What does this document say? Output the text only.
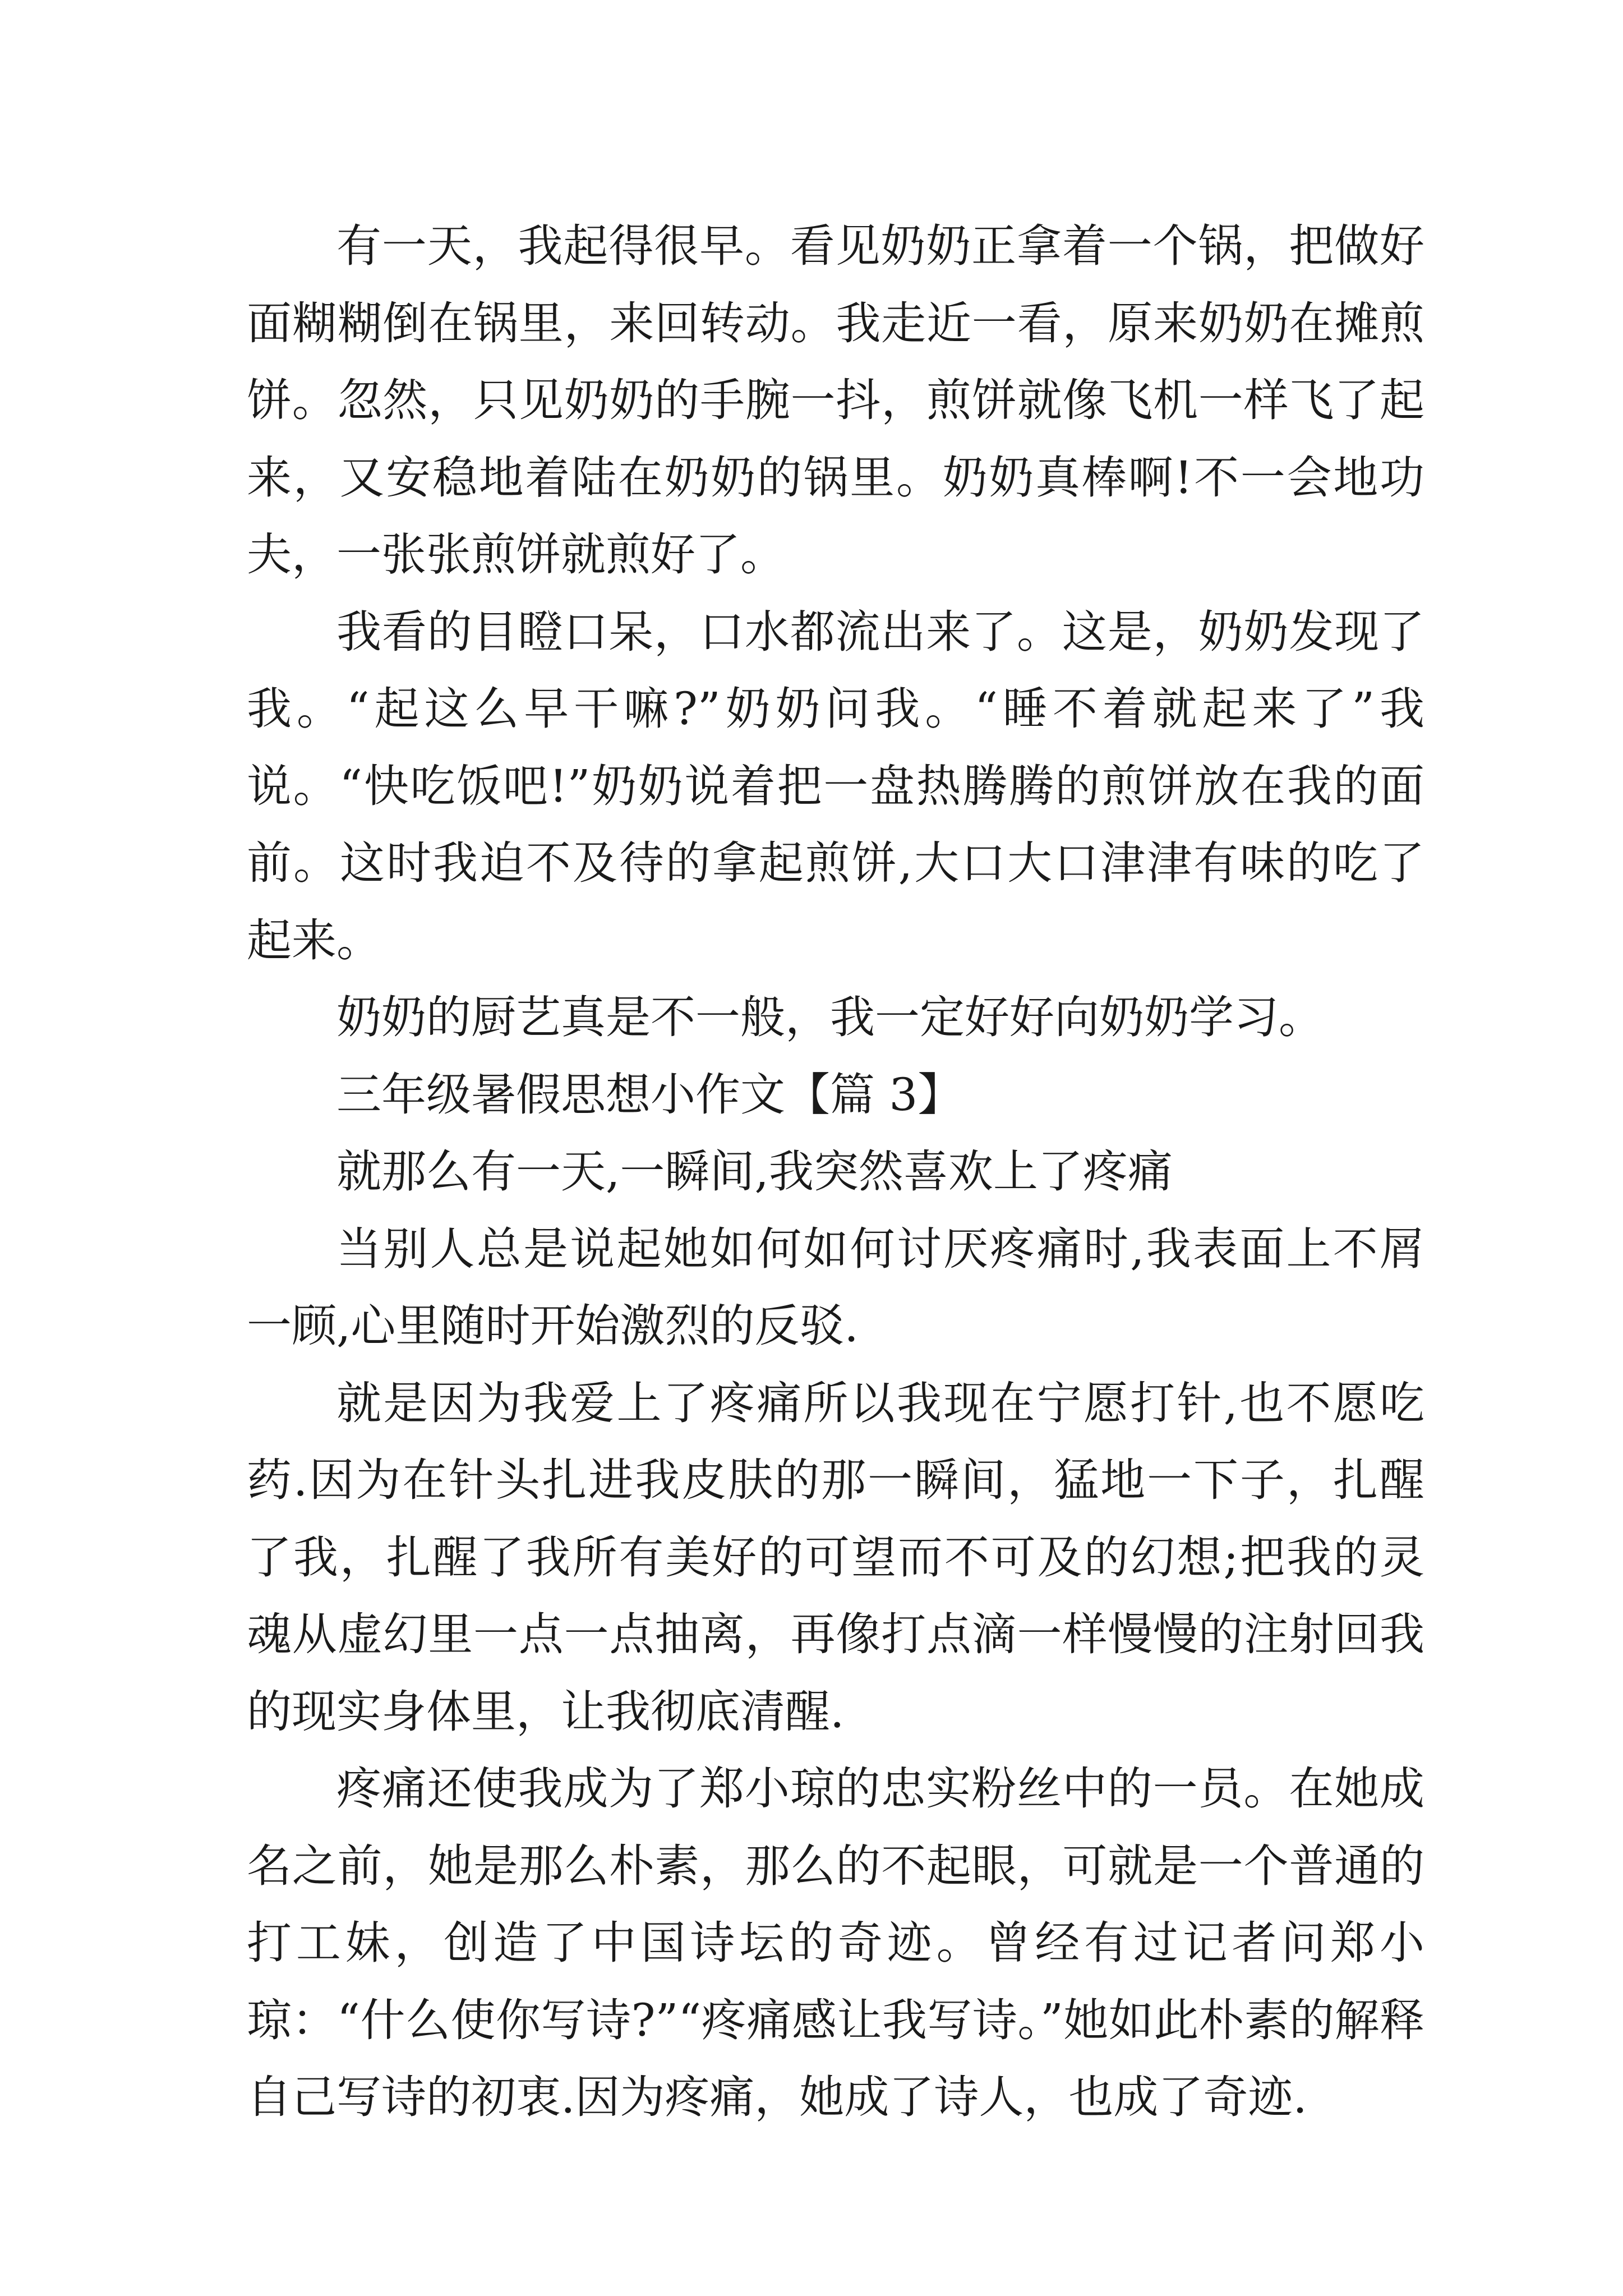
有一天，我起得很早。看见奶奶正拿着一个锅，把做好面糊糊倒在锅里，来回转动。我走近一看，原来奶奶在摊煎饼。忽然，只见奶奶的手腕一抖，煎饼就像飞机一样飞了起来，又安稳地着陆在奶奶的锅里。奶奶真棒啊!不一会地功夫，一张张煎饼就煎好了。

我看的目瞪口呆，口水都流出来了。这是，奶奶发现了我。“起这么早干嘛?”奶奶问我。“睡不着就起来了”我说。“快吃饭吧!”奶奶说着把一盘热腾腾的煎饼放在我的面前。这时我迫不及待的拿起煎饼,大口大口津津有味的吃了起来。

奶奶的厨艺真是不一般，我一定好好向奶奶学习。

三年级暑假思想小作文【篇 3】

就那么有一天,一瞬间,我突然喜欢上了疼痛

当别人总是说起她如何如何讨厌疼痛时,我表面上不屑一顾,心里随时开始激烈的反驳.

就是因为我爱上了疼痛所以我现在宁愿打针,也不愿吃药.因为在针头扎进我皮肤的那一瞬间，猛地一下子，扎醒了我，扎醒了我所有美好的可望而不可及的幻想;把我的灵魂从虚幻里一点一点抽离，再像打点滴一样慢慢的注射回我的现实身体里，让我彻底清醒.

疼痛还使我成为了郑小琼的忠实粉丝中的一员。在她成名之前，她是那么朴素，那么的不起眼，可就是一个普通的打工妹，创造了中国诗坛的奇迹。曾经有过记者问郑小琼：“什么使你写诗?”“疼痛感让我写诗。”她如此朴素的解释自己写诗的初衷.因为疼痛，她成了诗人，也成了奇迹.
